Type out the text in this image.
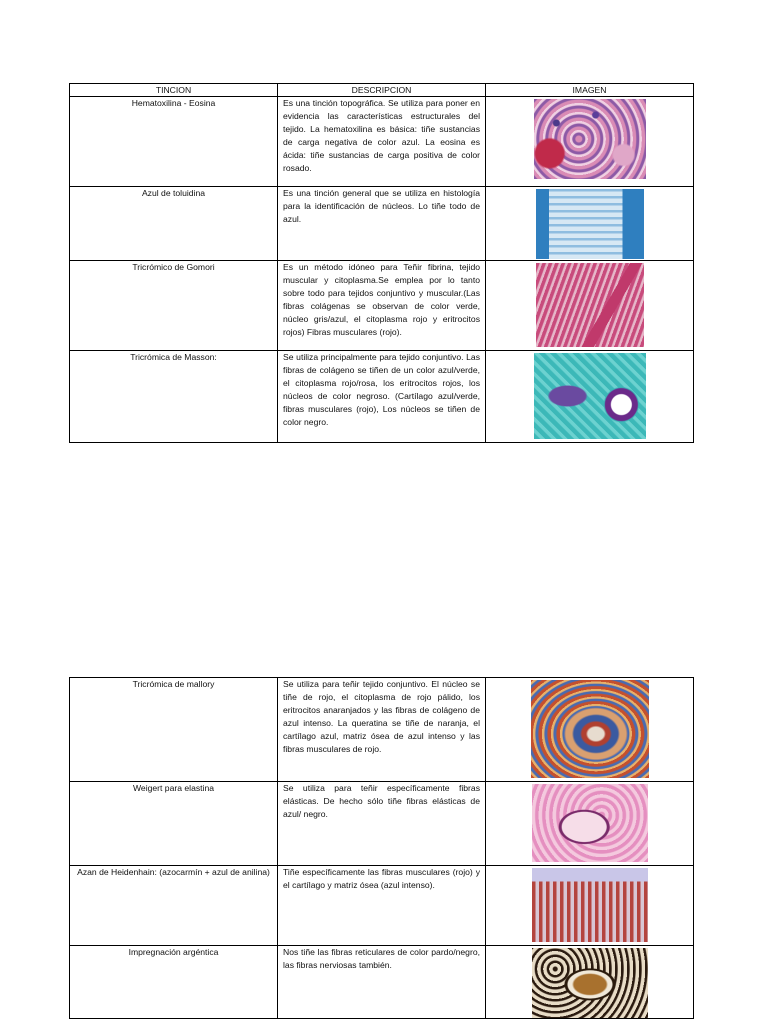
TINCION	DESCRIPCION	IMAGEN
Hematoxilina - Eosina	Es una tinción topográfica. Se utiliza para poner en evidencia las características estructurales del tejido. La hematoxilina es básica: tiñe sustancias de carga negativa de color azul. La eosina es ácida: tiñe sustancias de carga positiva de color rosado.	

Azul de toluidina	Es una tinción general que se utiliza en histología para la identificación de núcleos. Lo tiñe todo de azul.	

Tricrómico de Gomori	Es un método idóneo para Teñir fibrina, tejido muscular y citoplasma.Se emplea por lo tanto sobre todo para tejidos conjuntivo y muscular.(Las fibras colágenas se observan de color verde, núcleo gris/azul, el citoplasma rojo y eritrocitos rojos) Fibras musculares (rojo).	

Tricrómica de Masson:	Se utiliza principalmente para tejido conjuntivo. Las fibras de colágeno se tiñen de un color azul/verde, el citoplasma rojo/rosa, los eritrocitos rojos, los núcleos de color negroso. (Cartílago azul/verde, fibras musculares (rojo), Los núcleos se tiñen de color negro.	
Tricrómica de mallory	Se utiliza para teñir tejido conjuntivo. El núcleo se tiñe de rojo, el citoplasma de rojo pálido, los eritrocitos anaranjados y las fibras de colágeno de azul intenso. La queratina se tiñe de naranja, el cartílago azul, matriz ósea de azul intenso y las fibras musculares de rojo.	

Weigert para elastina	Se utiliza para teñir específicamente fibras elásticas. De hecho sólo tiñe fibras elásticas de azul/ negro.	

Azan de Heidenhain: (azocarmín + azul de anilina)	Tiñe específicamente las fibras musculares (rojo) y el cartílago y matriz ósea (azul intenso).	

Impregnación argéntica	Nos tiñe las fibras reticulares de color pardo/negro, las fibras nerviosas también.	
